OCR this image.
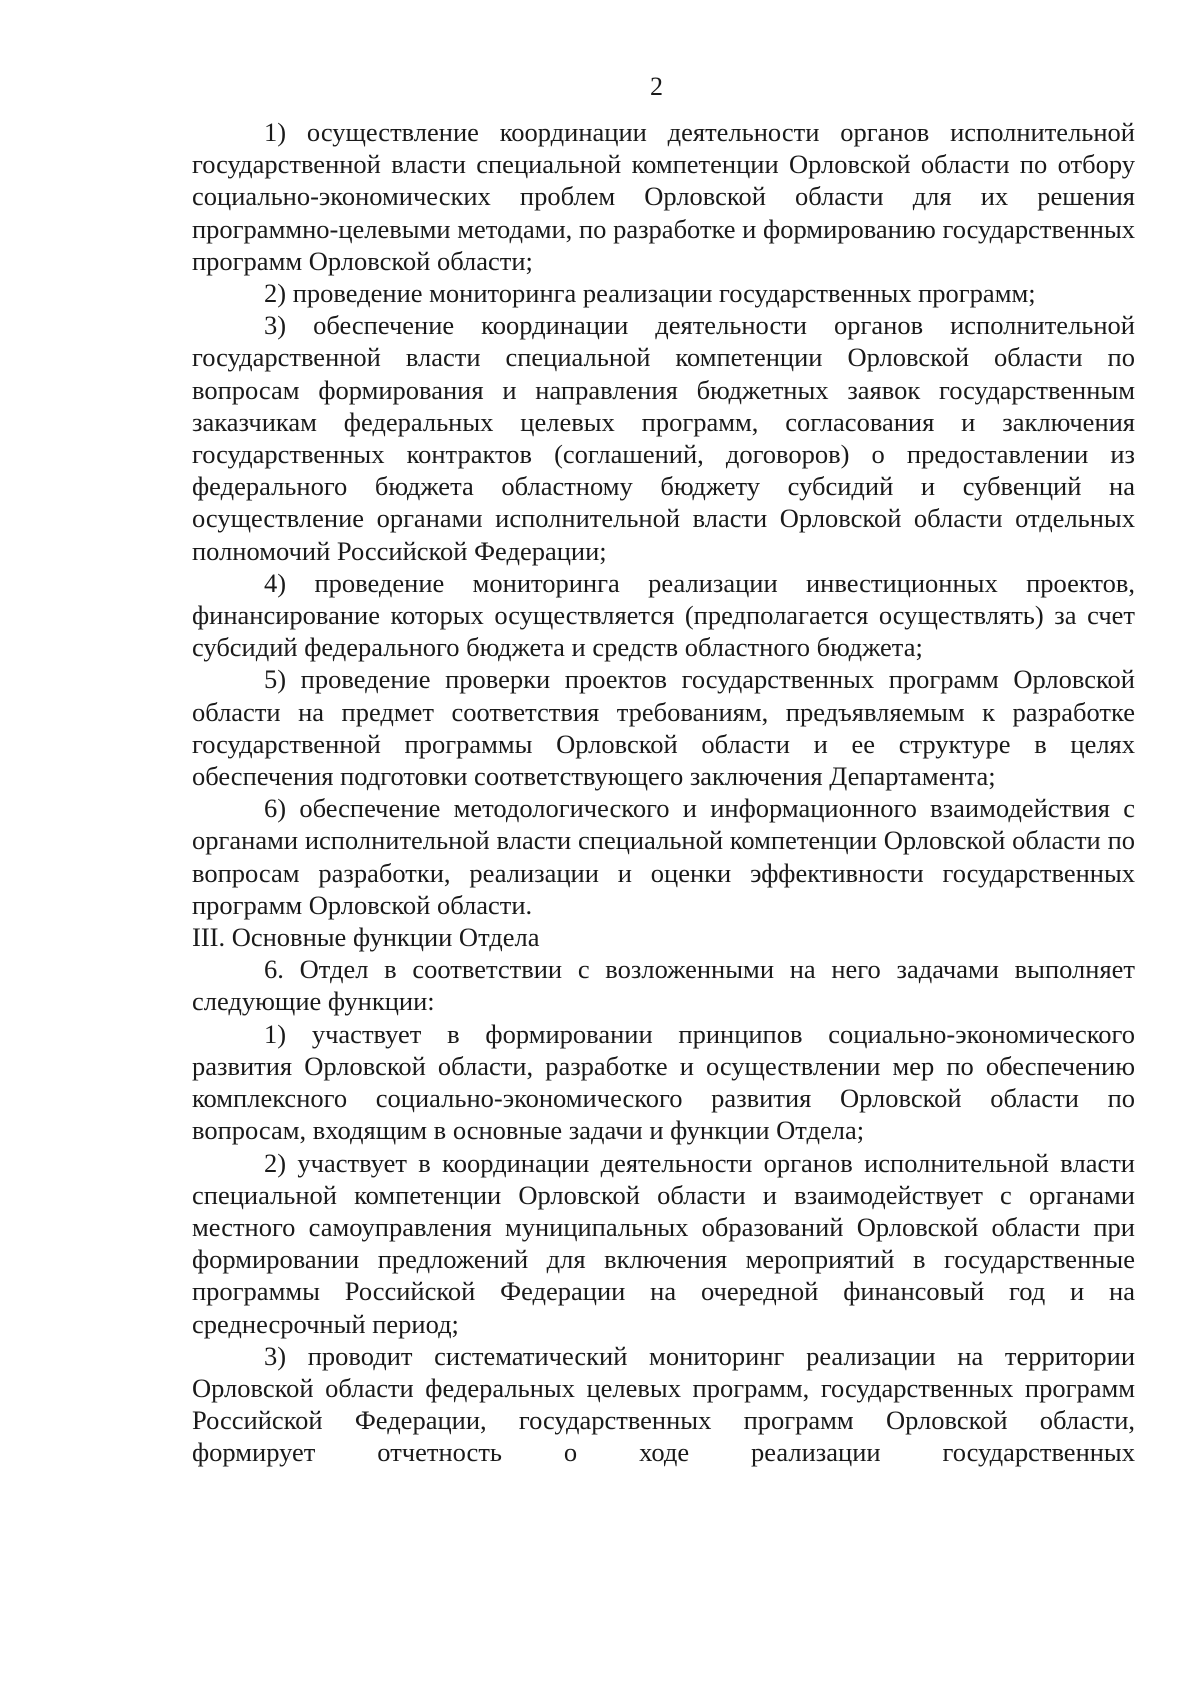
2

1) осуществление координации деятельности органов исполнительной государственной власти специальной компетенции Орловской области по отбору социально-экономических проблем Орловской области для их решения программно-целевыми методами, по разработке и формированию государственных программ Орловской области;

2) проведение мониторинга реализации государственных программ;

3) обеспечение координации деятельности органов исполнительной государственной власти специальной компетенции Орловской области по вопросам формирования и направления бюджетных заявок государственным заказчикам федеральных целевых программ, согласования и заключения государственных контрактов (соглашений, договоров) о предоставлении из федерального бюджета областному бюджету субсидий и субвенций на осуществление органами исполнительной власти Орловской области отдельных полномочий Российской Федерации;

4) проведение мониторинга реализации инвестиционных проектов, финансирование которых осуществляется (предполагается осуществлять) за счет субсидий федерального бюджета и средств областного бюджета;

5) проведение проверки проектов государственных программ Орловской области на предмет соответствия требованиям, предъявляемым к разработке государственной программы Орловской области и ее структуре в целях обеспечения подготовки соответствующего заключения Департамента;

6) обеспечение методологического и информационного взаимодействия с органами исполнительной власти специальной компетенции Орловской области по вопросам разработки, реализации и оценки эффективности государственных программ Орловской области.

III. Основные функции Отдела

6. Отдел в соответствии с возложенными на него задачами выполняет следующие функции:

1) участвует в формировании принципов социально-экономического развития Орловской области, разработке и осуществлении мер по обеспечению комплексного социально-экономического развития Орловской области по вопросам, входящим в основные задачи и функции Отдела;

2) участвует в координации деятельности органов исполнительной власти специальной компетенции Орловской области и взаимодействует с органами местного самоуправления муниципальных образований Орловской области при формировании предложений для включения мероприятий в государственные программы Российской Федерации на очередной финансовый год и на среднесрочный период;

3) проводит систематический мониторинг реализации на территории Орловской области федеральных целевых программ, государственных программ Российской Федерации, государственных программ Орловской области, формирует отчетность о ходе реализации государственных
